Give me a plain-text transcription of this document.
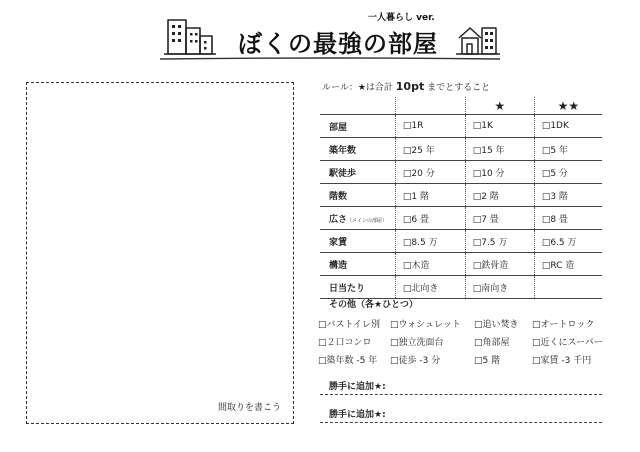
一人暮らし ver.
ぼくの最強の部屋
間取りを書こう
ルール：★は合計 10pt までとすること
		★	★★
部屋	□1R	□1K	□1DK
築年数	□25 年	□15 年	□5 年
駅徒歩	□20 分	□10 分	□5 分
階数	□1 階	□2 階	□3 階
広さ（メインの部屋）	□6 畳	□7 畳	□8 畳
家賃	□8.5 万	□7.5 万	□6.5 万
構造	□木造	□鉄骨造	□RC 造
日当たり	□北向き	□南向き	
その他（各★ひとつ）
□バストイレ別 □ウォシュレット □追い焚き □オートロック
□２口コンロ □独立洗面台	□角部屋 □近くにスーパー
□築年数 -5 年 □徒歩 -3 分	□5 階	□家賃 -3 千円
勝手に追加★:
勝手に追加★:
